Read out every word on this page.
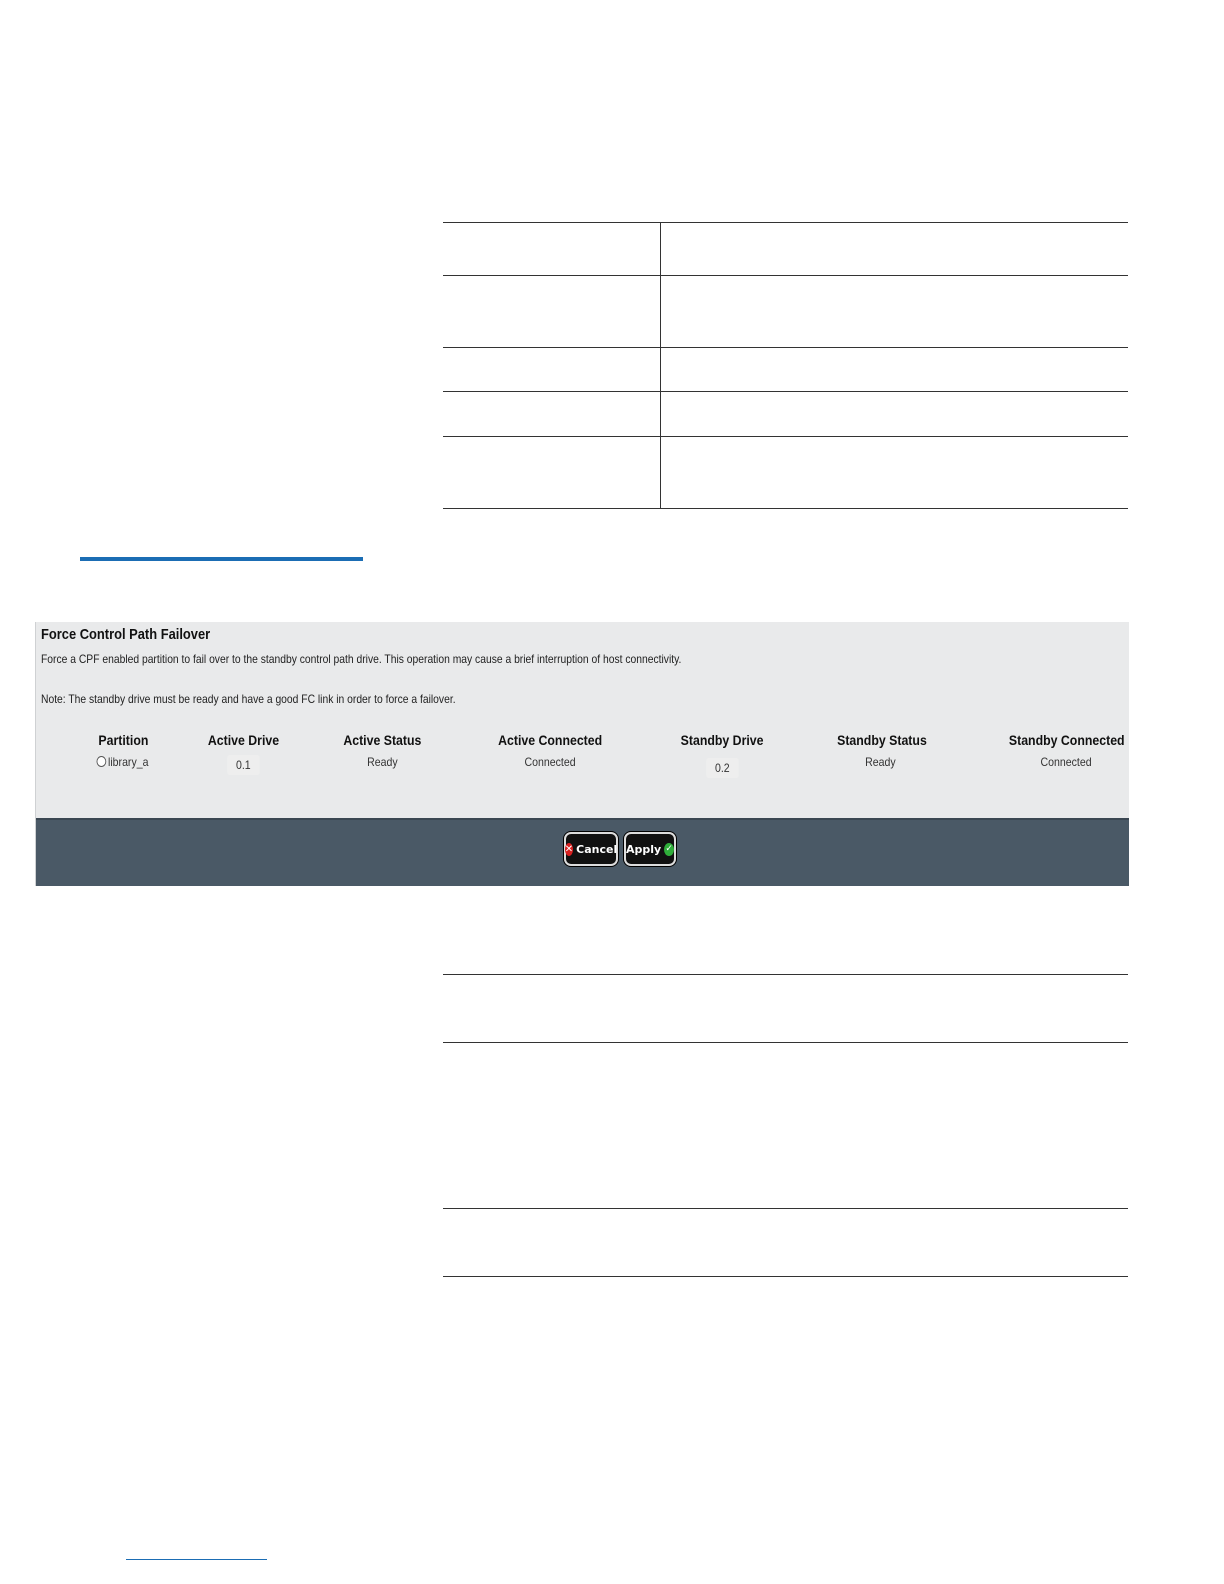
Force Control Path Failover
Force a CPF enabled partition to fail over to the standby control path drive. This operation may cause a brief interruption of host connectivity.
Note: The standby drive must be ready and have a good FC link in order to force a failover.
Partition
library_a
Active Drive
0.1
Active Status
Ready
Active Connected
Connected
Standby Drive
0.2
Standby Status
Ready
Standby Connected
Connected
✕ Cancel Apply ✓
